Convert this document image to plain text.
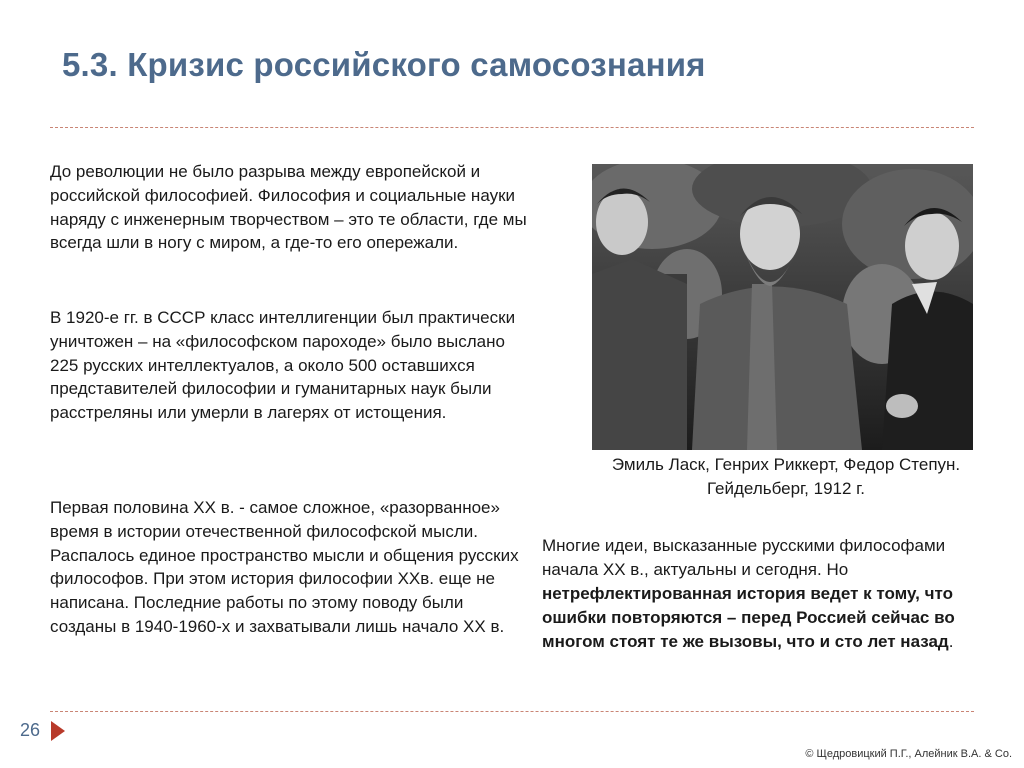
5.3. Кризис российского самосознания

До революции не было разрыва между европейской и российской философией. Философия и социальные науки наряду с инженерным творчеством – это те области, где мы всегда шли в ногу с миром, а где-то его опережали.

В 1920-е гг. в СССР класс интеллигенции был практически уничтожен – на «философском пароходе» было выслано 225 русских интеллектуалов, а около 500 оставшихся представителей философии и гуманитарных наук были расстреляны или умерли в лагерях от истощения.

Первая половина ХХ в. - самое сложное, «разорванное» время в истории отечественной философской мысли. Распалось единое пространство мысли и общения русских философов. При этом история философии ХХв. еще не написана. Последние работы по этому поводу были созданы в 1940-1960-х и захватывали лишь начало ХХ в.

Эмиль Ласк, Генрих Риккерт, Федор Степун.
Гейдельберг, 1912 г.

Многие идеи, высказанные русскими философами начала ХХ в., актуальны и сегодня. Но нетрефлектированная история ведет к тому, что ошибки повторяются – перед Россией сейчас во многом стоят те же вызовы, что и сто лет назад.

26
© Щедровицкий П.Г., Алейник В.А. & Co.
